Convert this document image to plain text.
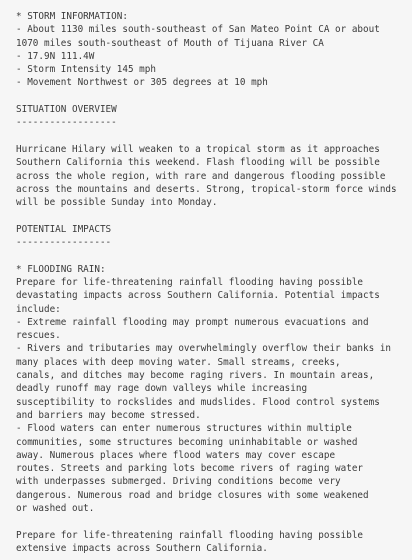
* STORM INFORMATION:
- About 1130 miles south-southeast of San Mateo Point CA or about
1070 miles south-southeast of Mouth of Tijuana River CA
- 17.9N 111.4W
- Storm Intensity 145 mph
- Movement Northwest or 305 degrees at 10 mph
SITUATION OVERVIEW
------------------
Hurricane Hilary will weaken to a tropical storm as it approaches
Southern California this weekend. Flash flooding will be possible
across the whole region, with rare and dangerous flooding possible
across the mountains and deserts. Strong, tropical-storm force winds
will be possible Sunday into Monday.
POTENTIAL IMPACTS
-----------------
* FLOODING RAIN:
Prepare for life-threatening rainfall flooding having possible
devastating impacts across Southern California. Potential impacts
include:
- Extreme rainfall flooding may prompt numerous evacuations and
rescues.
- Rivers and tributaries may overwhelmingly overflow their banks in
many places with deep moving water. Small streams, creeks,
canals, and ditches may become raging rivers. In mountain areas,
deadly runoff may rage down valleys while increasing
susceptibility to rockslides and mudslides. Flood control systems
and barriers may become stressed.
- Flood waters can enter numerous structures within multiple
communities, some structures becoming uninhabitable or washed
away. Numerous places where flood waters may cover escape
routes. Streets and parking lots become rivers of raging water
with underpasses submerged. Driving conditions become very
dangerous. Numerous road and bridge closures with some weakened
or washed out.
Prepare for life-threatening rainfall flooding having possible
extensive impacts across Southern California.
